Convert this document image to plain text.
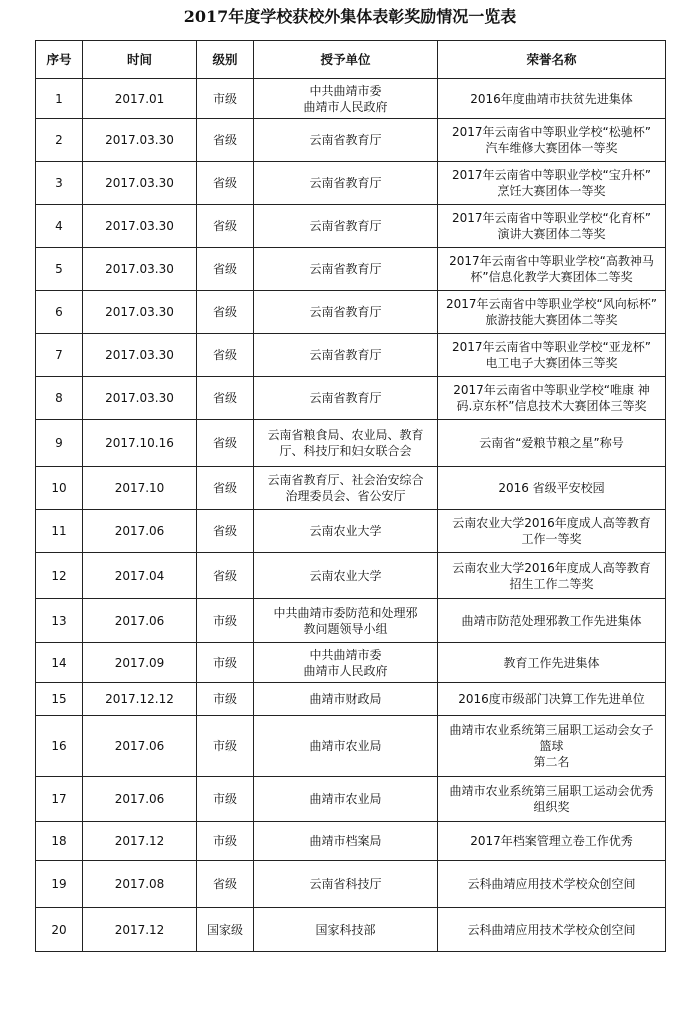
2017年度学校获校外集体表彰奖励情况一览表
序号	时间	级别	授予单位	荣誉名称
1	2017.01	市级	中共曲靖市委
曲靖市人民政府	2016年度曲靖市扶贫先进集体

2	2017.03.30	省级	云南省教育厅	2017年云南省中等职业学校“松驰杯”
汽车维修大赛团体一等奖

3	2017.03.30	省级	云南省教育厅	2017年云南省中等职业学校“宝升杯”
烹饪大赛团体一等奖

4	2017.03.30	省级	云南省教育厅	2017年云南省中等职业学校“化育杯”
演讲大赛团体二等奖

5	2017.03.30	省级	云南省教育厅	2017年云南省中等职业学校“高教神马
杯”信息化教学大赛团体二等奖

6	2017.03.30	省级	云南省教育厅	2017年云南省中等职业学校“风向标杯”
旅游技能大赛团体二等奖

7	2017.03.30	省级	云南省教育厅	2017年云南省中等职业学校“亚龙杯”
电工电子大赛团体三等奖

8	2017.03.30	省级	云南省教育厅	2017年云南省中等职业学校“唯康 神
码.京东杯”信息技术大赛团体三等奖

9	2017.10.16	省级	云南省粮食局、农业局、教育
厅、科技厅和妇女联合会	云南省“爱粮节粮之星”称号

10	2017.10	省级	云南省教育厅、社会治安综合
治理委员会、省公安厅	2016 省级平安校园

11	2017.06	省级	云南农业大学	云南农业大学2016年度成人高等教育
工作一等奖

12	2017.04	省级	云南农业大学	云南农业大学2016年度成人高等教育
招生工作二等奖

13	2017.06	市级	中共曲靖市委防范和处理邪
教问题领导小组	曲靖市防范处理邪教工作先进集体

14	2017.09	市级	中共曲靖市委
曲靖市人民政府	教育工作先进集体

15	2017.12.12	市级	曲靖市财政局	2016度市级部门决算工作先进单位

16	2017.06	市级	曲靖市农业局	曲靖市农业系统第三届职工运动会女子
篮球
第二名

17	2017.06	市级	曲靖市农业局	曲靖市农业系统第三届职工运动会优秀
组织奖

18	2017.12	市级	曲靖市档案局	2017年档案管理立卷工作优秀

19	2017.08	省级	云南省科技厅	云科曲靖应用技术学校众创空间

20	2017.12	国家级	国家科技部	云科曲靖应用技术学校众创空间
